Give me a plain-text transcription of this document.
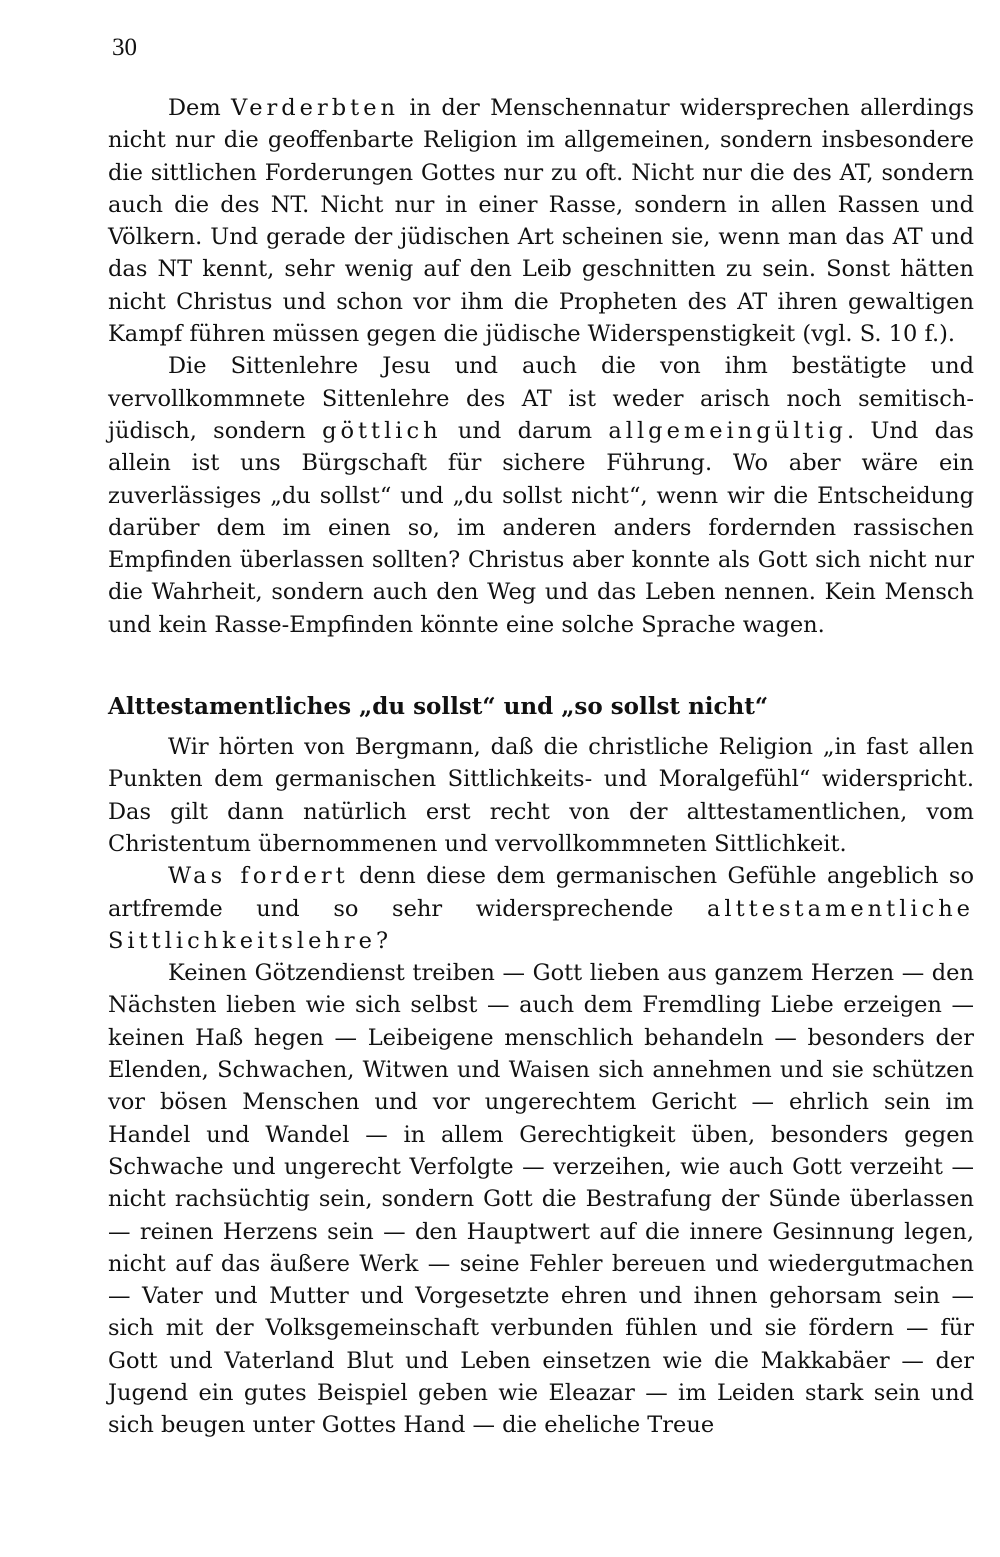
30

Dem Verderbten in der Menschennatur widersprechen allerdings nicht nur die geoffenbarte Religion im allgemeinen, sondern insbesondere die sittlichen Forderungen Gottes nur zu oft. Nicht nur die des AT, sondern auch die des NT. Nicht nur in einer Rasse, sondern in allen Rassen und Völkern. Und gerade der jüdischen Art scheinen sie, wenn man das AT und das NT kennt, sehr wenig auf den Leib geschnitten zu sein. Sonst hätten nicht Christus und schon vor ihm die Propheten des AT ihren gewaltigen Kampf führen müssen gegen die jüdische Widerspenstigkeit (vgl. S. 10 f.).

Die Sittenlehre Jesu und auch die von ihm bestätigte und vervollkommnete Sittenlehre des AT ist weder arisch noch semitisch-jüdisch, sondern göttlich und darum allgemeingültig. Und das allein ist uns Bürgschaft für sichere Führung. Wo aber wäre ein zuverlässiges „du sollst“ und „du sollst nicht“, wenn wir die Entscheidung darüber dem im einen so, im anderen anders fordernden rassischen Empfinden überlassen sollten? Christus aber konnte als Gott sich nicht nur die Wahrheit, sondern auch den Weg und das Leben nennen. Kein Mensch und kein Rasse-Empfinden könnte eine solche Sprache wagen.

Alttestamentliches „du sollst“ und „so sollst nicht“

Wir hörten von Bergmann, daß die christliche Religion „in fast allen Punkten dem germanischen Sittlichkeits- und Moralgefühl“ widerspricht. Das gilt dann natürlich erst recht von der alttestamentlichen, vom Christentum übernommenen und vervollkommneten Sittlichkeit.

Was fordert denn diese dem germanischen Gefühle angeblich so artfremde und so sehr widersprechende alttestamentliche Sittlichkeitslehre?

Keinen Götzendienst treiben — Gott lieben aus ganzem Herzen — den Nächsten lieben wie sich selbst — auch dem Fremdling Liebe erzeigen — keinen Haß hegen — Leibeigene menschlich behandeln — besonders der Elenden, Schwachen, Witwen und Waisen sich annehmen und sie schützen vor bösen Menschen und vor ungerechtem Gericht — ehrlich sein im Handel und Wandel — in allem Gerechtigkeit üben, besonders gegen Schwache und ungerecht Verfolgte — verzeihen, wie auch Gott verzeiht — nicht rachsüchtig sein, sondern Gott die Bestrafung der Sünde überlassen — reinen Herzens sein — den Hauptwert auf die innere Gesinnung legen, nicht auf das äußere Werk — seine Fehler bereuen und wiedergutmachen — Vater und Mutter und Vorgesetzte ehren und ihnen gehorsam sein — sich mit der Volksgemeinschaft verbunden fühlen und sie fördern — für Gott und Vaterland Blut und Leben einsetzen wie die Makkabäer — der Jugend ein gutes Beispiel geben wie Eleazar — im Leiden stark sein und sich beugen unter Gottes Hand — die eheliche Treue
